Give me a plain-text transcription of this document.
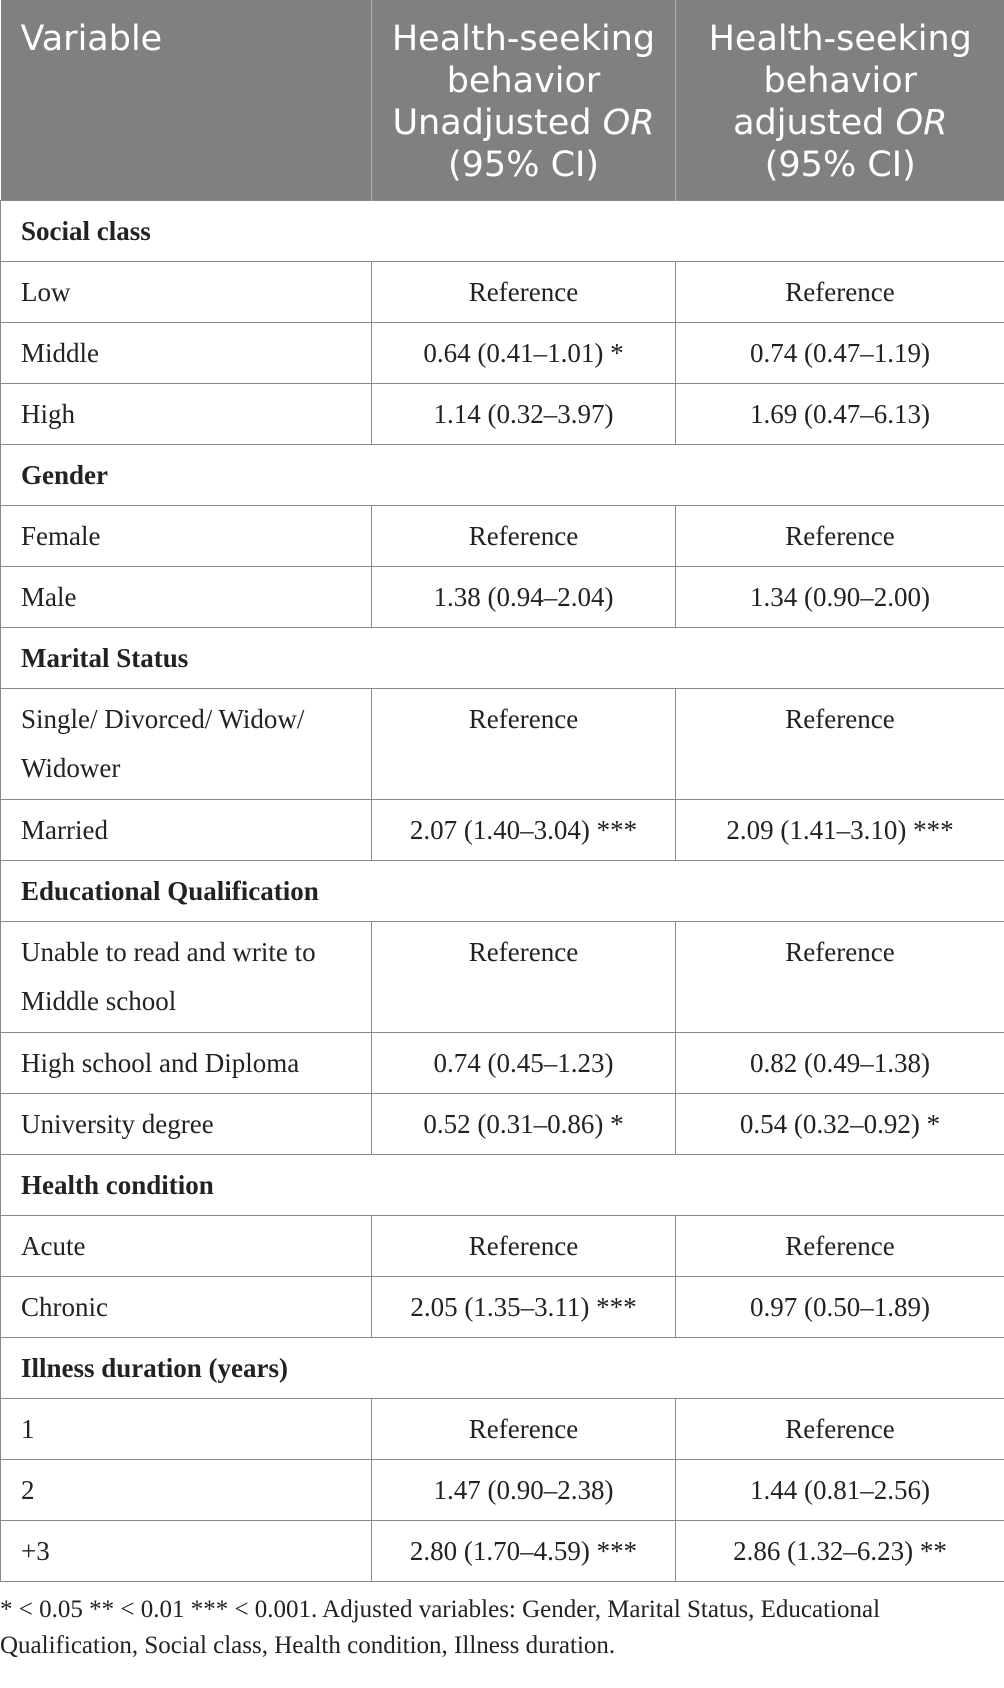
Variable	Health-seeking
behavior
Unadjusted OR
(95% CI)	Health-seeking
behavior
adjusted OR
(95% CI)
Social class		
Low	Reference	Reference
Middle	0.64 (0.41–1.01) *	0.74 (0.47–1.19)
High	1.14 (0.32–3.97)	1.69 (0.47–6.13)
Gender		
Female	Reference	Reference
Male	1.38 (0.94–2.04)	1.34 (0.90–2.00)
Marital Status		
Single/ Divorced/ Widow/ Widower	Reference	Reference
Married	2.07 (1.40–3.04) ***	2.09 (1.41–3.10) ***
Educational Qualification		
Unable to read and write to Middle school	Reference	Reference
High school and Diploma	0.74 (0.45–1.23)	0.82 (0.49–1.38)
University degree	0.52 (0.31–0.86) *	0.54 (0.32–0.92) *
Health condition		
Acute	Reference	Reference
Chronic	2.05 (1.35–3.11) ***	0.97 (0.50–1.89)
Illness duration (years)		
1	Reference	Reference
2	1.47 (0.90–2.38)	1.44 (0.81–2.56)
+3	2.80 (1.70–4.59) ***	2.86 (1.32–6.23) **
* < 0.05 ** < 0.01 *** < 0.001. Adjusted variables: Gender, Marital Status, Educational Qualification, Social class, Health condition, Illness duration.
